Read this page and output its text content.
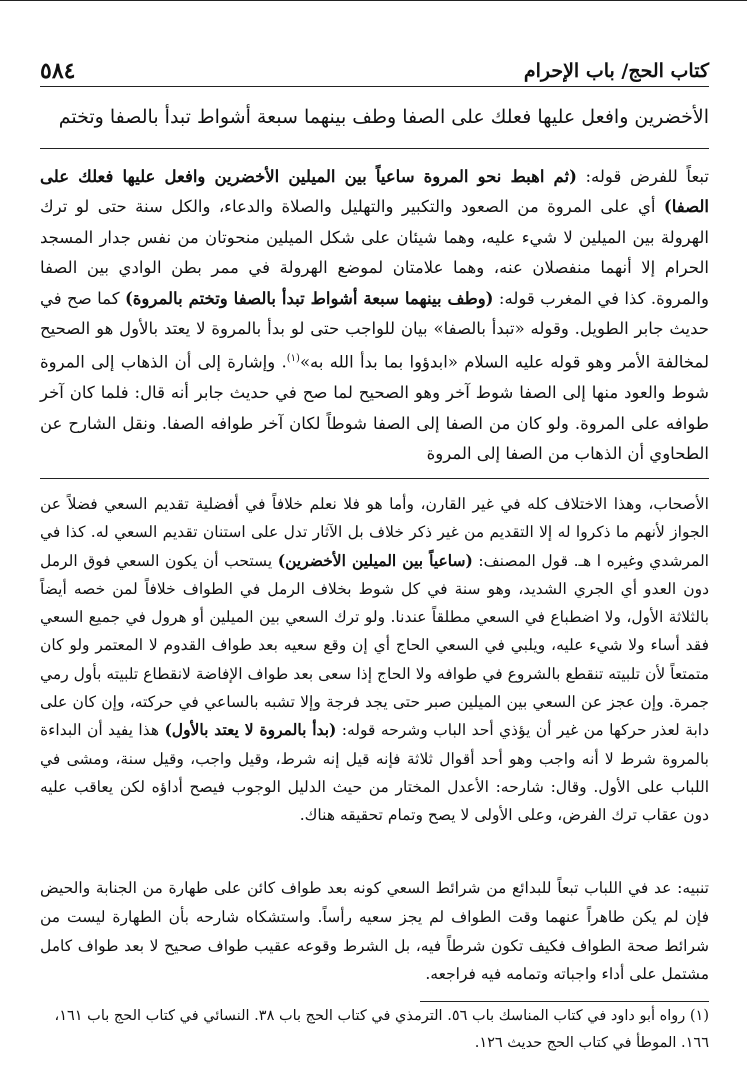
كتاب الحج/ باب الإحرام
٥٨٤
الأخضرين وافعل عليها فعلك على الصفا وطف بينهما سبعة أشواط تبدأ بالصفا وتختم
تبعاً للفرض قوله: (ثم اهبط نحو المروة ساعياً بين الميلين الأخضرين وافعل عليها فعلك على الصفا) أي على المروة من الصعود والتكبير والتهليل والصلاة والدعاء، والكل سنة حتى لو ترك الهرولة بين الميلين لا شيء عليه، وهما شيئان على شكل الميلين منحوتان من نفس جدار المسجد الحرام إلا أنهما منفصلان عنه، وهما علامتان لموضع الهرولة في ممر بطن الوادي بين الصفا والمروة. كذا في المغرب قوله: (وطف بينهما سبعة أشواط تبدأ بالصفا وتختم بالمروة) كما صح في حديث جابر الطويل. وقوله «تبدأ بالصفا» بيان للواجب حتى لو بدأ بالمروة لا يعتد بالأول هو الصحيح لمخالفة الأمر وهو قوله عليه السلام «ابدؤوا بما بدأ الله به»$^{(١)}$. وإشارة إلى أن الذهاب إلى المروة شوط والعود منها إلى الصفا شوط آخر وهو الصحيح لما صح في حديث جابر أنه قال: فلما كان آخر طوافه على المروة. ولو كان من الصفا إلى الصفا شوطاً لكان آخر طوافه الصفا. ونقل الشارح عن الطحاوي أن الذهاب من الصفا إلى المروة
الأصحاب، وهذا الاختلاف كله في غير القارن، وأما هو فلا نعلم خلافاً في أفضلية تقديم السعي فضلاً عن الجواز لأنهم ما ذكروا له إلا التقديم من غير ذكر خلاف بل الآثار تدل على استنان تقديم السعي له. كذا في المرشدي وغيره ا هـ. قول المصنف: (ساعياً بين الميلين الأخضرين) يستحب أن يكون السعي فوق الرمل دون العدو أي الجري الشديد، وهو سنة في كل شوط بخلاف الرمل في الطواف خلافاً لمن خصه أيضاً بالثلاثة الأول، ولا اضطباع في السعي مطلقاً عندنا. ولو ترك السعي بين الميلين أو هرول في جميع السعي فقد أساء ولا شيء عليه، ويلبي في السعي الحاج أي إن وقع سعيه بعد طواف القدوم لا المعتمر ولو كان متمتعاً لأن تلبيته تنقطع بالشروع في طوافه ولا الحاج إذا سعى بعد طواف الإفاضة لانقطاع تلبيته بأول رمي جمرة. وإن عجز عن السعي بين الميلين صبر حتى يجد فرجة وإلا تشبه بالساعي في حركته، وإن كان على دابة لعذر حركها من غير أن يؤذي أحد الباب وشرحه قوله: (بدأ بالمروة لا يعتد بالأول) هذا يفيد أن البداءة بالمروة شرط لا أنه واجب وهو أحد أقوال ثلاثة فإنه قيل إنه شرط، وقيل واجب، وقيل سنة، ومشى في اللباب على الأول. وقال: شارحه: الأعدل المختار من حيث الدليل الوجوب فيصح أداؤه لكن يعاقب عليه دون عقاب ترك الفرض، وعلى الأولى لا يصح وتمام تحقيقه هناك.
تنبيه: عد في اللباب تبعاً للبدائع من شرائط السعي كونه بعد طواف كائن على طهارة من الجنابة والحيض فإن لم يكن طاهراً عنهما وقت الطواف لم يجز سعيه رأساً. واستشكاه شارحه بأن الطهارة ليست من شرائط صحة الطواف فكيف تكون شرطاً فيه، بل الشرط وقوعه عقيب طواف صحيح لا بعد طواف كامل مشتمل على أداء واجباته وتمامه فيه فراجعه.
(١) رواه أبو داود في كتاب المناسك باب ٥٦. الترمذي في كتاب الحج باب ٣٨. النسائي في كتاب الحج باب ١٦١، ١٦٦. الموطأ في كتاب الحج حديث ١٢٦.
